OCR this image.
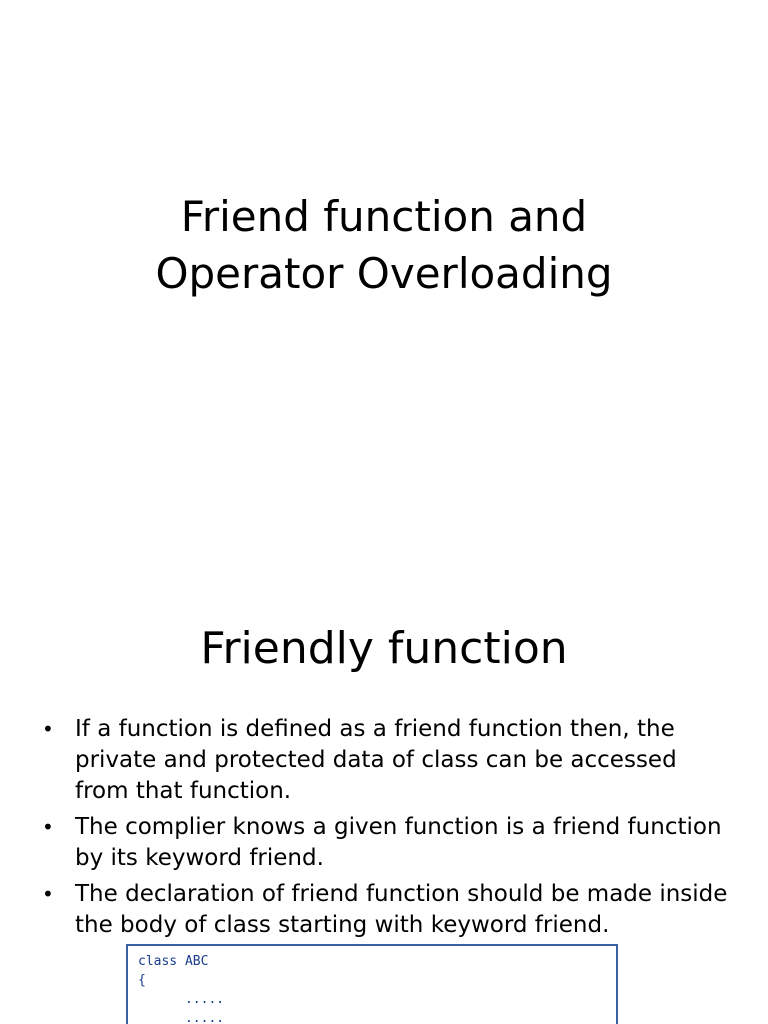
Friend function and
Operator Overloading
Friendly function
• If a function is defined as a friend function then, the private and protected data of class can be accessed from that function.
• The complier knows a given function is a friend function by its keyword friend.
• The declaration of friend function should be made inside the body of class starting with keyword friend.
class ABC
{
.....
.....
